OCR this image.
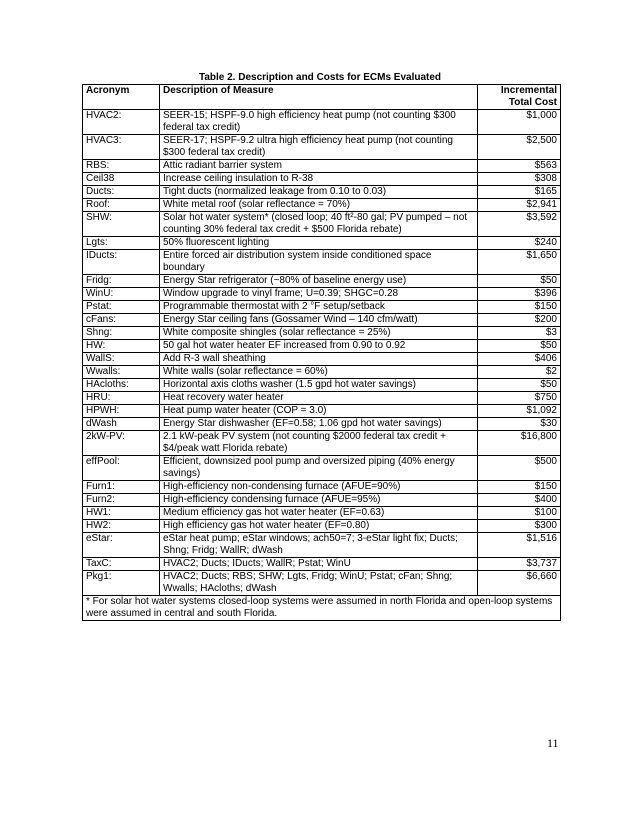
Table 2. Description and Costs for ECMs Evaluated
Acronym	Description of Measure	Incremental
Total Cost
HVAC2:	SEER-15; HSPF-9.0 high efficiency heat pump (not counting $300 federal tax credit)	$1,000
HVAC3:	SEER-17; HSPF-9.2 ultra high efficiency heat pump (not counting $300 federal tax credit)	$2,500
RBS:	Attic radiant barrier system	$563
Ceil38	Increase ceiling insulation to R-38	$308
Ducts:	Tight ducts (normalized leakage from 0.10 to 0.03)	$165
Roof:	White metal roof (solar reflectance = 70%)	$2,941
SHW:	Solar hot water system* (closed loop; 40 ft²-80 gal; PV pumped – not counting 30% federal tax credit + $500 Florida rebate)	$3,592
Lgts:	50% fluorescent lighting	$240
IDucts:	Entire forced air distribution system inside conditioned space boundary	$1,650
Fridg:	Energy Star refrigerator (~80% of baseline energy use)	$50
WinU:	Window upgrade to vinyl frame; U=0.39; SHGC=0.28	$396
Pstat:	Programmable thermostat with 2 °F setup/setback	$150
cFans:	Energy Star ceiling fans (Gossamer Wind – 140 cfm/watt)	$200
Shng:	White composite shingles (solar reflectance = 25%)	$3
HW:	50 gal hot water heater EF increased from 0.90 to 0.92	$50
WallS:	Add R-3 wall sheathing	$406
Wwalls:	White walls (solar reflectance = 60%)	$2
HAcloths:	Horizontal axis cloths washer (1.5 gpd hot water savings)	$50
HRU:	Heat recovery water heater	$750
HPWH:	Heat pump water heater (COP = 3.0)	$1,092
dWash	Energy Star dishwasher (EF=0.58; 1.06 gpd hot water savings)	$30
2kW-PV:	2.1 kW-peak PV system (not counting $2000 federal tax credit + $4/peak watt Florida rebate)	$16,800
effPool:	Efficient, downsized pool pump and oversized piping (40% energy savings)	$500
Furn1:	High-efficiency non-condensing furnace (AFUE=90%)	$150
Furn2:	High-efficiency condensing furnace (AFUE=95%)	$400
HW1:	Medium efficiency gas hot water heater (EF=0.63)	$100
HW2:	High efficiency gas hot water heater (EF=0.80)	$300
eStar:	eStar heat pump; eStar windows; ach50=7; 3-eStar light fix; Ducts; Shng; Fridg; WallR; dWash	$1,516
TaxC:	HVAC2; Ducts; IDucts; WallR; Pstat; WinU	$3,737
Pkg1:	HVAC2; Ducts; RBS; SHW; Lgts, Fridg; WinU; Pstat; cFan; Shng; Wwalls; HAcloths; dWash	$6,660
* For solar hot water systems closed-loop systems were assumed in north Florida and open-loop systems were assumed in central and south Florida.		
11
